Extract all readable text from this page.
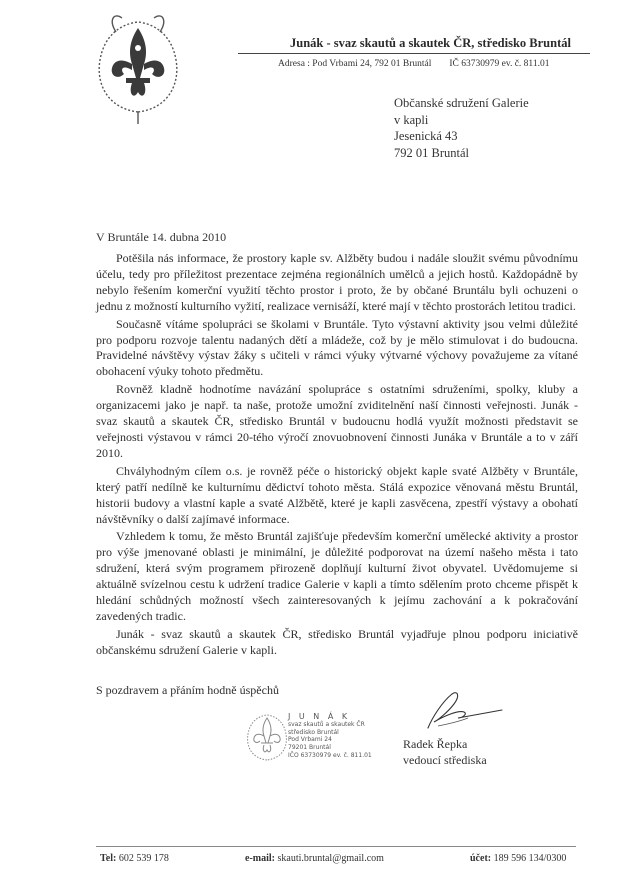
Junák - svaz skautů a skautek ČR, středisko Bruntál
Adresa : Pod Vrbami 24, 792 01 Bruntál IČ 63730979 ev. č. 811.01
Občanské sdružení Galerie
v kapli
Jesenická 43
792 01 Bruntál
V Bruntále 14. dubna 2010

Potěšila nás informace, že prostory kaple sv. Alžběty budou i nadále sloužit svému původnímu účelu, tedy pro příležitost prezentace zejména regionálních umělců a jejich hostů. Každopádně by nebylo řešením komerční využití těchto prostor i proto, že by občané Bruntálu byli ochuzeni o jednu z možností kulturního vyžití, realizace vernisáží, které mají v těchto prostorách letitou tradici.

Současně vítáme spolupráci se školami v Bruntále. Tyto výstavní aktivity jsou velmi důležité pro podporu rozvoje talentu nadaných dětí a mládeže, což by je mělo stimulovat i do budoucna. Pravidelné návštěvy výstav žáky s učiteli v rámci výuky výtvarné výchovy považujeme za vítané obohacení výuky tohoto předmětu.

Rovněž kladně hodnotíme navázání spolupráce s ostatními sdruženími, spolky, kluby a organizacemi jako je např. ta naše, protože umožní zviditelnění naší činnosti veřejnosti. Junák - svaz skautů a skautek ČR, středisko Bruntál v budoucnu hodlá využít možnosti představit se veřejnosti výstavou v rámci 20-tého výročí znovuobnovení činnosti Junáka v Bruntále a to v září 2010.

Chvályhodným cílem o.s. je rovněž péče o historický objekt kaple svaté Alžběty v Bruntále, který patří nedílně ke kulturnímu dědictví tohoto města. Stálá expozice věnovaná městu Bruntál, historii budovy a vlastní kaple a svaté Alžbětě, které je kapli zasvěcena, zpestří výstavy a obohatí návštěvníky o další zajímavé informace.

Vzhledem k tomu, že město Bruntál zajišťuje především komerční umělecké aktivity a prostor pro výše jmenované oblasti je minimální, je důležité podporovat na území našeho města i tato sdružení, která svým programem přirozeně doplňují kulturní život obyvatel. Uvědomujeme si aktuálně svízelnou cestu k udržení tradice Galerie v kapli a tímto sdělením proto chceme přispět k hledání schůdných možností všech zainteresovaných k jejímu zachování a k pokračování zavedených tradic.

Junák - svaz skautů a skautek ČR, středisko Bruntál vyjadřuje plnou podporu iniciativě občanskému sdružení Galerie v kapli.

S pozdravem a přáním hodně úspěchů
J U N Á K
svaz skautů a skautek ČR
středisko Bruntál
Pod Vrbami 24
79201 Bruntál
IČO 63730979 ev. č. 811.01
Radek Řepka
vedoucí střediska
Tel: 602 539 178	e-mail: skauti.bruntal@gmail.com	účet: 189 596 134/0300
